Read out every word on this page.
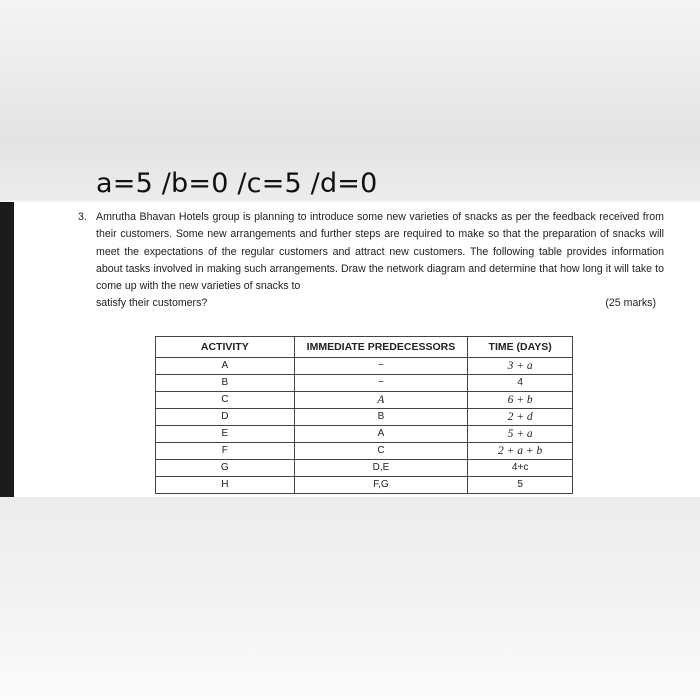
a=5 /b=0 /c=5 /d=0
3. Amrutha Bhavan Hotels group is planning to introduce some new varieties of snacks as per the feedback received from their customers. Some new arrangements and further steps are required to make so that the preparation of snacks will meet the expectations of the regular customers and attract new customers. The following table provides information about tasks involved in making such arrangements. Draw the network diagram and determine that how long it will take to come up with the new varieties of snacks to
satisfy their customers?	(25 marks)
ACTIVITY	IMMEDIATE PREDECESSORS	TIME (DAYS)
A	−	3 + a
B	−	4
C	A	6 + b
D	B	2 + d
E	A	5 + a
F	C	2 + a + b
G	D,E	4+c
H	F,G	5
